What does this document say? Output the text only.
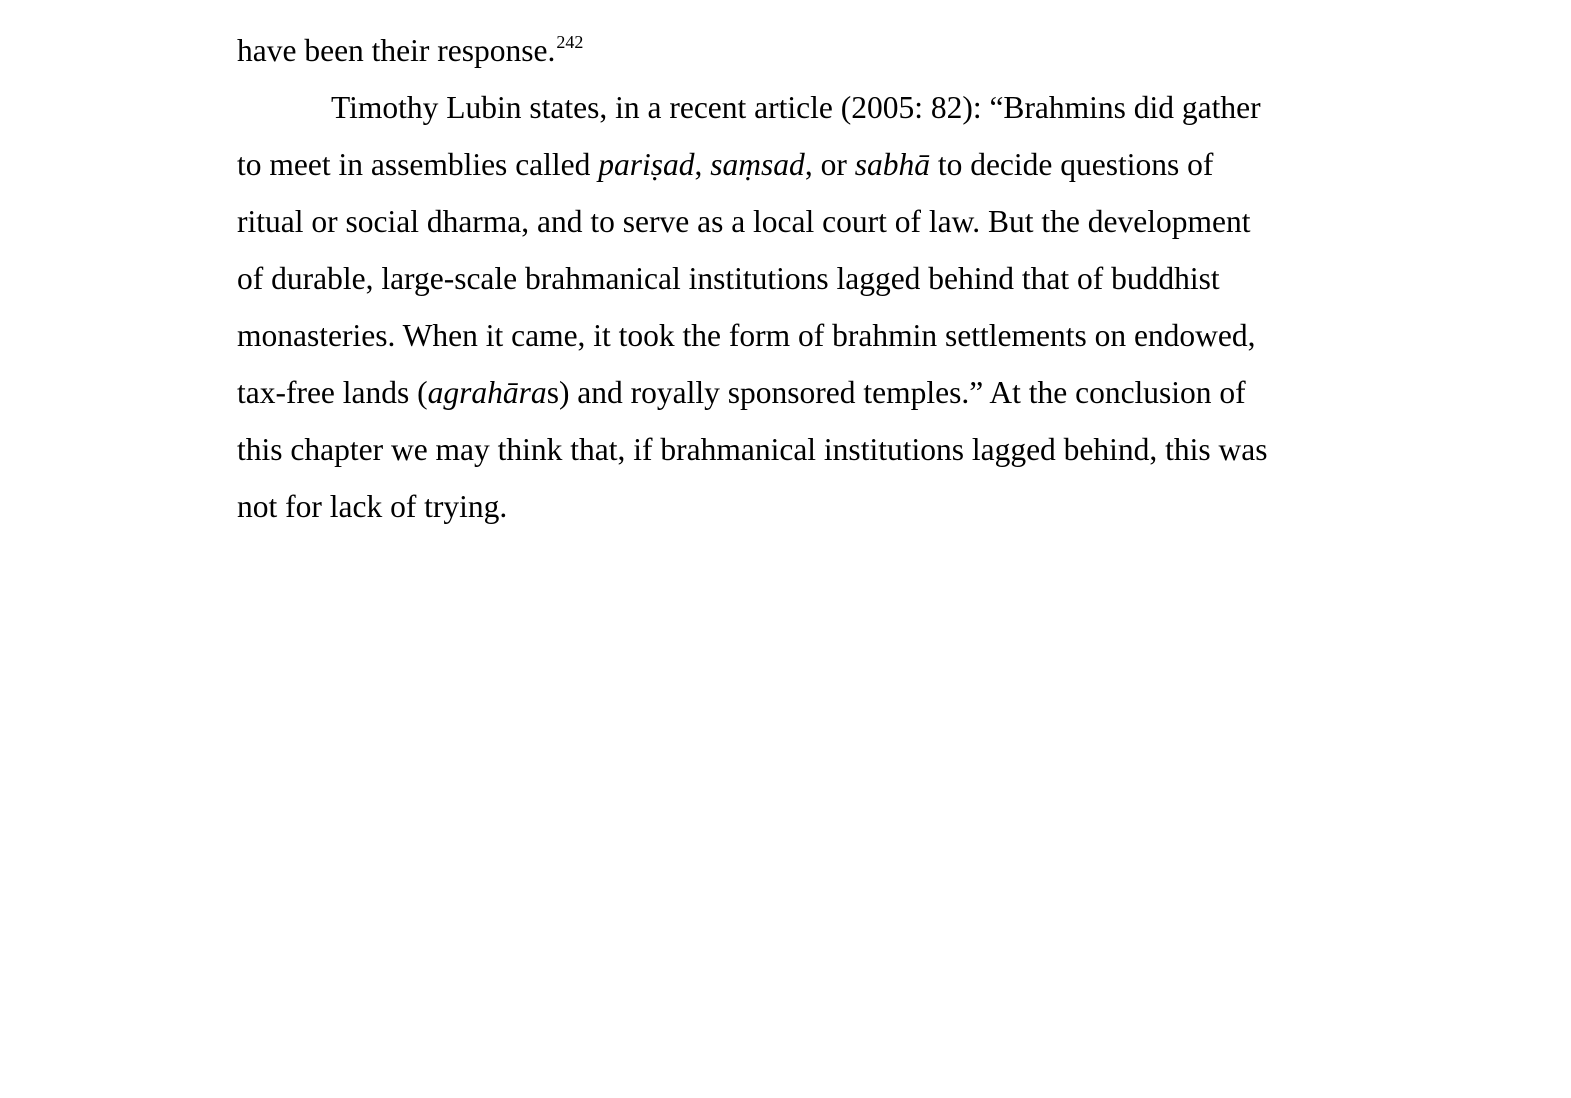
have been their response.$^{242}$
Timothy Lubin states, in a recent article (2005: 82): “Brahmins did gather
to meet in assemblies called pariṣad, saṃsad, or sabhā to decide questions of
ritual or social dharma, and to serve as a local court of law. But the development
of durable, large-scale brahmanical institutions lagged behind that of buddhist
monasteries. When it came, it took the form of brahmin settlements on endowed,
tax-free lands (agrahāras) and royally sponsored temples.” At the conclusion of
this chapter we may think that, if brahmanical institutions lagged behind, this was
not for lack of trying.
